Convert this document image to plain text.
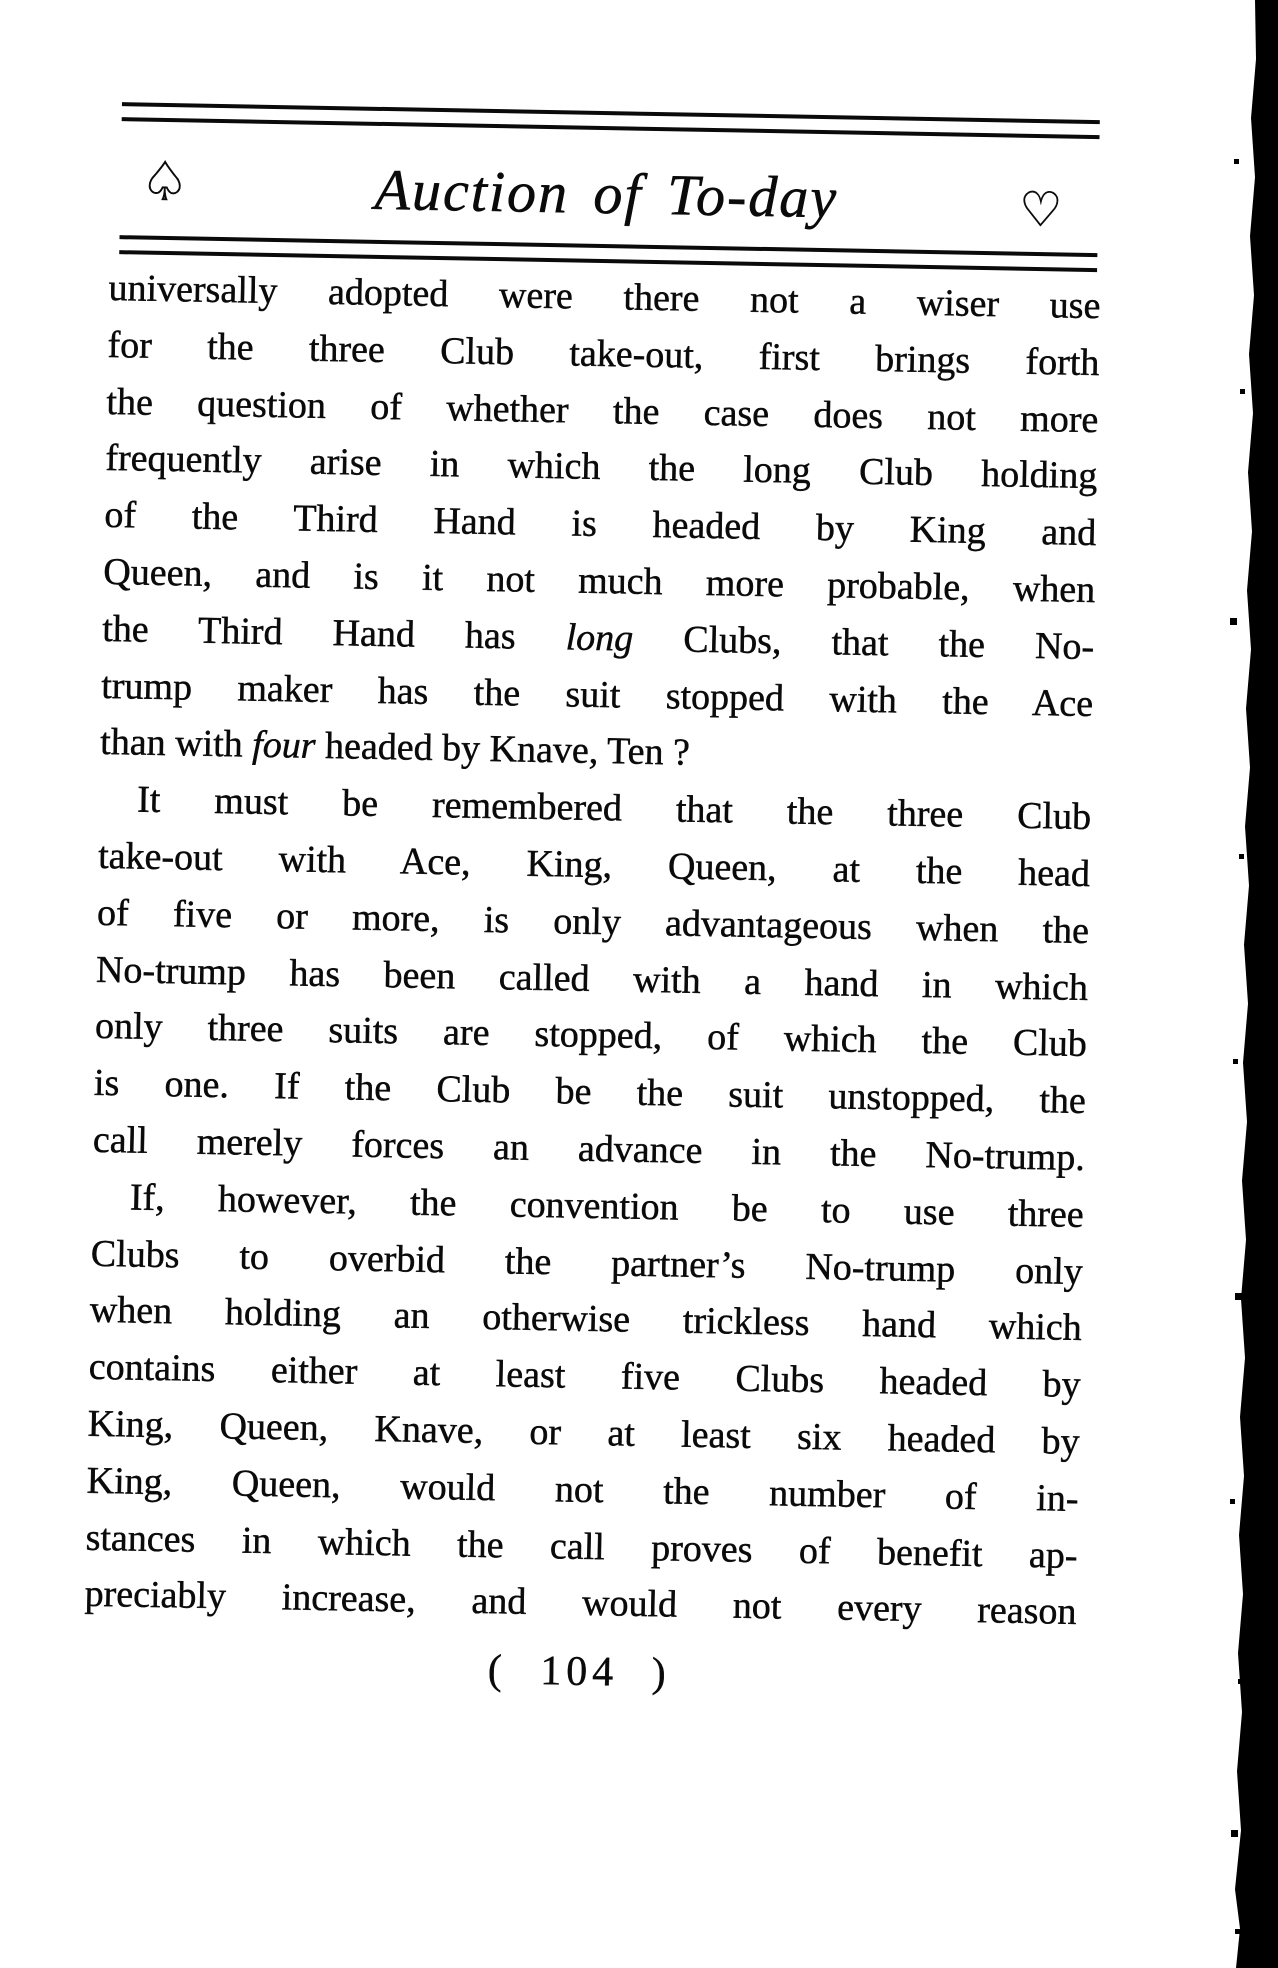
♤	Auction of To-day	♡
universally adopted were there not a wiser use
for the three Club take-out, first brings forth
the question of whether the case does not more
frequently arise in which the long Club holding
of the Third Hand is headed by King and
Queen, and is it not much more probable, when
the Third Hand has long Clubs, that the No-
trump maker has the suit stopped with the Ace
than with four headed by Knave, Ten ?
It must be remembered that the three Club
take-out with Ace, King, Queen, at the head
of five or more, is only advantageous when the
No-trump has been called with a hand in which
only three suits are stopped, of which the Club
is one. If the Club be the suit unstopped, the
call merely forces an advance in the No-trump.
If, however, the convention be to use three
Clubs to overbid the partner’s No-trump only
when holding an otherwise trickless hand which
contains either at least five Clubs headed by
King, Queen, Knave, or at least six headed by
King, Queen, would not the number of in-
stances in which the call proves of benefit ap-
preciably increase, and would not every reason
( 104 )
